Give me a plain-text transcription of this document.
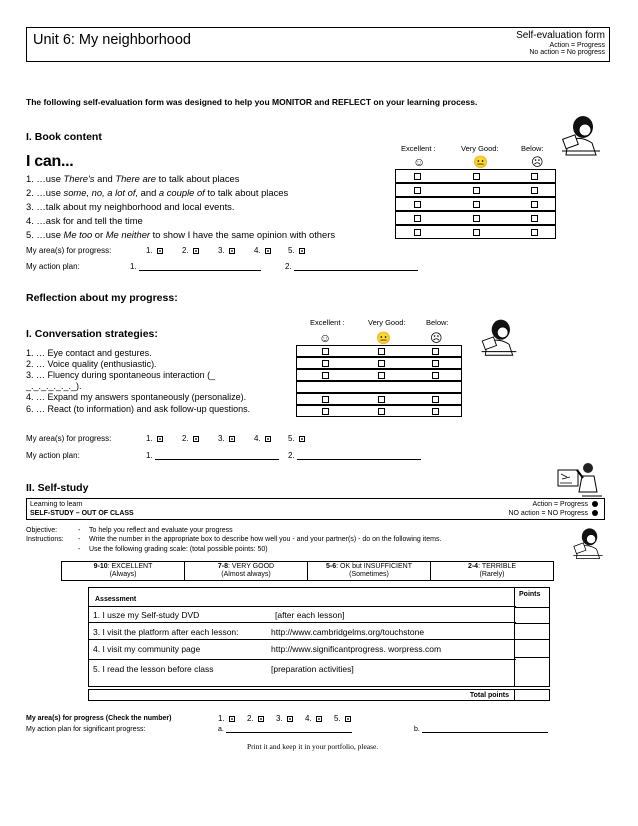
Unit 6: My neighborhood	Self-evaluation form
Action = Progress
No action = No progress
The following self-evaluation form was designed to help you MONITOR and REFLECT on your learning process.
I. Book content
I can...
Excellent :	Very Good:	Below:
☺	😐	☹
1. …use There's and There are to talk about places
2. …use some, no, a lot of, and a couple of to talk about places
3. …talk about my neighborhood and local events.
4. …ask for and tell the time
5. …use Me too or Me neither to show I have the same opinion with others
My area(s) for progress:	1.	2.	3.	4.	5.
My action plan:	1.	2.
Reflection about my progress:
I. Conversation strategies:
Excellent :	Very Good:	Below:
☺	😐	☹
1. … Eye contact and gestures.
2. … Voice quality (enthusiastic).
3. … Fluency during spontaneous interaction (_
_._._._._._._).
4. … Expand my answers spontaneously (personalize).
6. … React (to information) and ask follow-up questions.
My area(s) for progress:	1.	2.	3.	4.	5.
My action plan:	1.	2.
II. Self-study
Learning to learn
SELF-STUDY – OUT OF CLASS
Action = Progress
NO action = NO Progress
Objective:	- To help you reflect and evaluate your progress
Instructions: - Write the number in the appropriate box to describe how well you - and your partner(s) - do on the following items.
- Use the following grading scale: (total possible points: 50)
9-10: EXCELLENT
(Always)
7-8: VERY GOOD
(Almost always)
5-6: OK but INSUFFICIENT
(Sometimes)
2-4: TERRIBLE
(Rarely)
Assessment
1. I usze my Self-study DVD	[after each lesson]
3. I visit the platform after each lesson:	http://www.cambridgelms.org/touchstone
4. I visit my community page	http://www.significantprogress. worpress.com
5. I read the lesson before class	[preparation activities]
Points
Total points
My area(s) for progress (Check the number)	1.	2.	3.	4.	5.
My action plan for significant progress:	a.	b.
Print it and keep it in your portfolio, please.
